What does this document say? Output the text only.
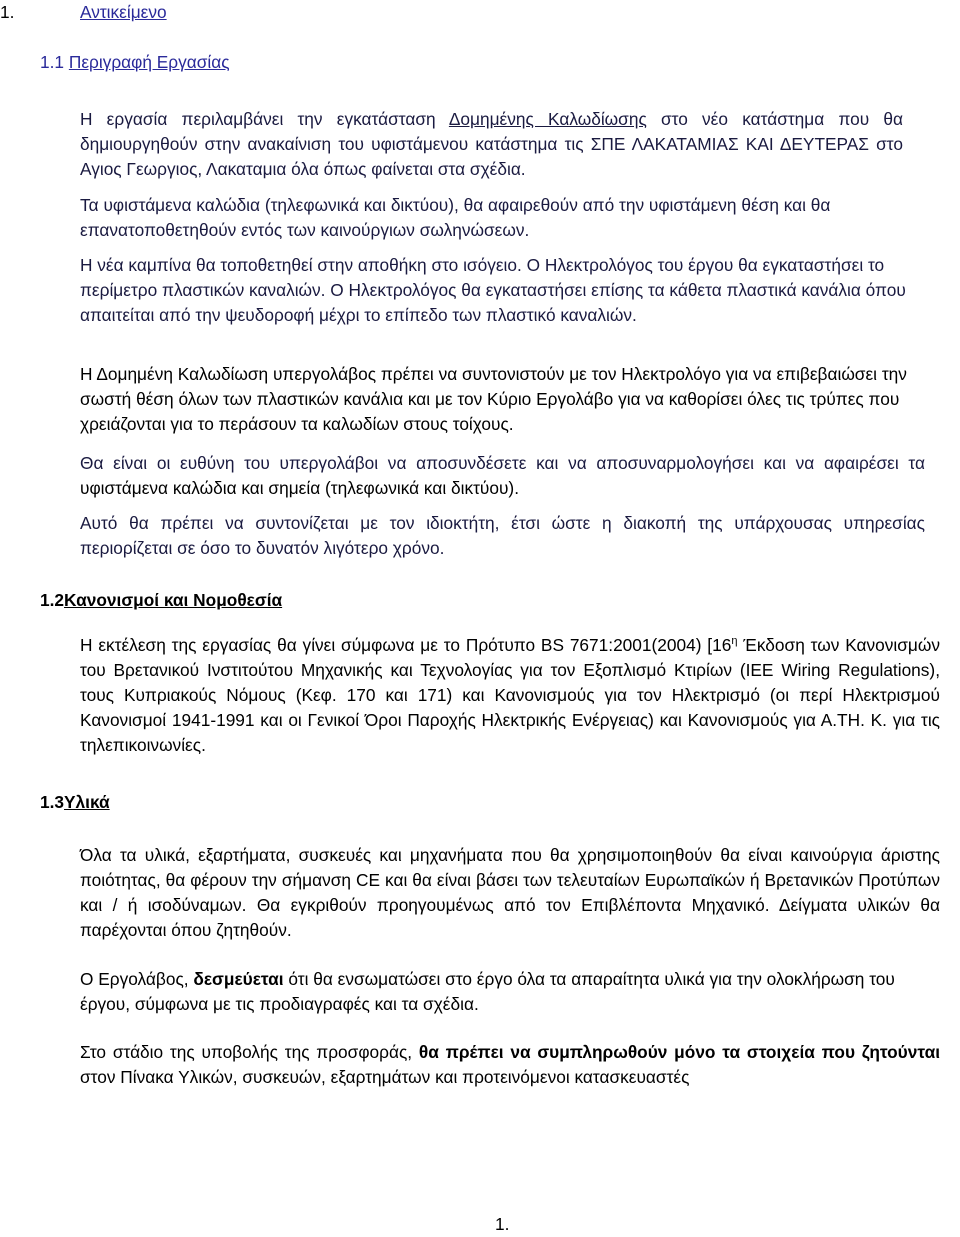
1.	Αντικείμενο
1.1 Περιγραφή Εργασίας

Η εργασία περιλαμβάνει την εγκατάσταση Δομημένης Καλωδίωσης στο νέο κατάστημα που θα δημιουργηθούν στην ανακαίνιση του υφιστάμενου κατάστημα τις ΣΠΕ ΛΑΚΑΤΑΜΙΑΣ ΚΑΙ ΔΕΥΤΕΡΑΣ στο Αγιος Γεωργιος, Λακαταμια όλα όπως φαίνεται στα σχέδια.

Τα υφιστάμενα καλώδια (τηλεφωνικά και δικτύου), θα αφαιρεθούν από την υφιστάμενη θέση και θα επανατοποθετηθούν εντός των καινούργιων σωληνώσεων.

Η νέα καμπίνα θα τοποθετηθεί στην αποθήκη στο ισόγειο. Ο Ηλεκτρολόγος του έργου θα εγκαταστήσει το περίμετρο πλαστικών καναλιών. Ο Ηλεκτρολόγος θα εγκαταστήσει επίσης τα κάθετα πλαστικά κανάλια όπου απαιτείται από την ψευδοροφή μέχρι το επίπεδο των πλαστικό καναλιών.

Η Δομημένη Καλωδίωση υπεργολάβος πρέπει να συντονιστούν με τον Ηλεκτρολόγο για να επιβεβαιώσει την σωστή θέση όλων των πλαστικών κανάλια και με τον Κύριο Εργολάβο για να καθορίσει όλες τις τρύπες που χρειάζονται για το περάσουν τα καλωδίων στους τοίχους.

Θα είναι οι ευθύνη του υπεργολάβοι να αποσυνδέσετε και να αποσυναρμολογήσει και να αφαιρέσει τα υφιστάμενα καλώδια και σημεία (τηλεφωνικά και δικτύου).

Αυτό θα πρέπει να συντονίζεται με τον ιδιοκτήτη, έτσι ώστε η διακοπή της υπάρχουσας υπηρεσίας περιορίζεται σε όσο το δυνατόν λιγότερο χρόνο.

1.2Κανονισμοί και Νομοθεσία

Η εκτέλεση της εργασίας θα γίνει σύμφωνα με το Πρότυπο BS 7671:2001(2004) [$16^\eta$ Έκδοση των Κανονισμών του Βρετανικού Ινστιτούτου Μηχανικής και Τεχνολογίας για τον Εξοπλισμό Κτιρίων (IEE Wiring Regulations), τους Κυπριακούς Νόμους (Κεφ. 170 και 171) και Κανονισμούς για τον Ηλεκτρισμό (οι περί Ηλεκτρισμού Κανονισμοί 1941-1991 και οι Γενικοί Όροι Παροχής Ηλεκτρικής Ενέργειας) και Κανονισμούς για Α.ΤΗ. Κ. για τις τηλεπικοινωνίες.

1.3Υλικά

Όλα τα υλικά, εξαρτήματα, συσκευές και μηχανήματα που θα χρησιμοποιηθούν θα είναι καινούργια άριστης ποιότητας, θα φέρουν την σήμανση CE και θα είναι βάσει των τελευταίων Ευρωπαϊκών ή Βρετανικών Προτύπων και / ή ισοδύναμων. Θα εγκριθούν προηγουμένως από τον Επιβλέποντα Μηχανικό. Δείγματα υλικών θα παρέχονται όπου ζητηθούν.

Ο Εργολάβος, δεσμεύεται ότι θα ενσωματώσει στο έργο όλα τα απαραίτητα υλικά για την ολοκλήρωση του έργου, σύμφωνα με τις προδιαγραφές και τα σχέδια.

Στο στάδιο της υποβολής της προσφοράς, θα πρέπει να συμπληρωθούν μόνο τα στοιχεία που ζητούνται στον Πίνακα Υλικών, συσκευών, εξαρτημάτων και προτεινόμενοι κατασκευαστές

1.
